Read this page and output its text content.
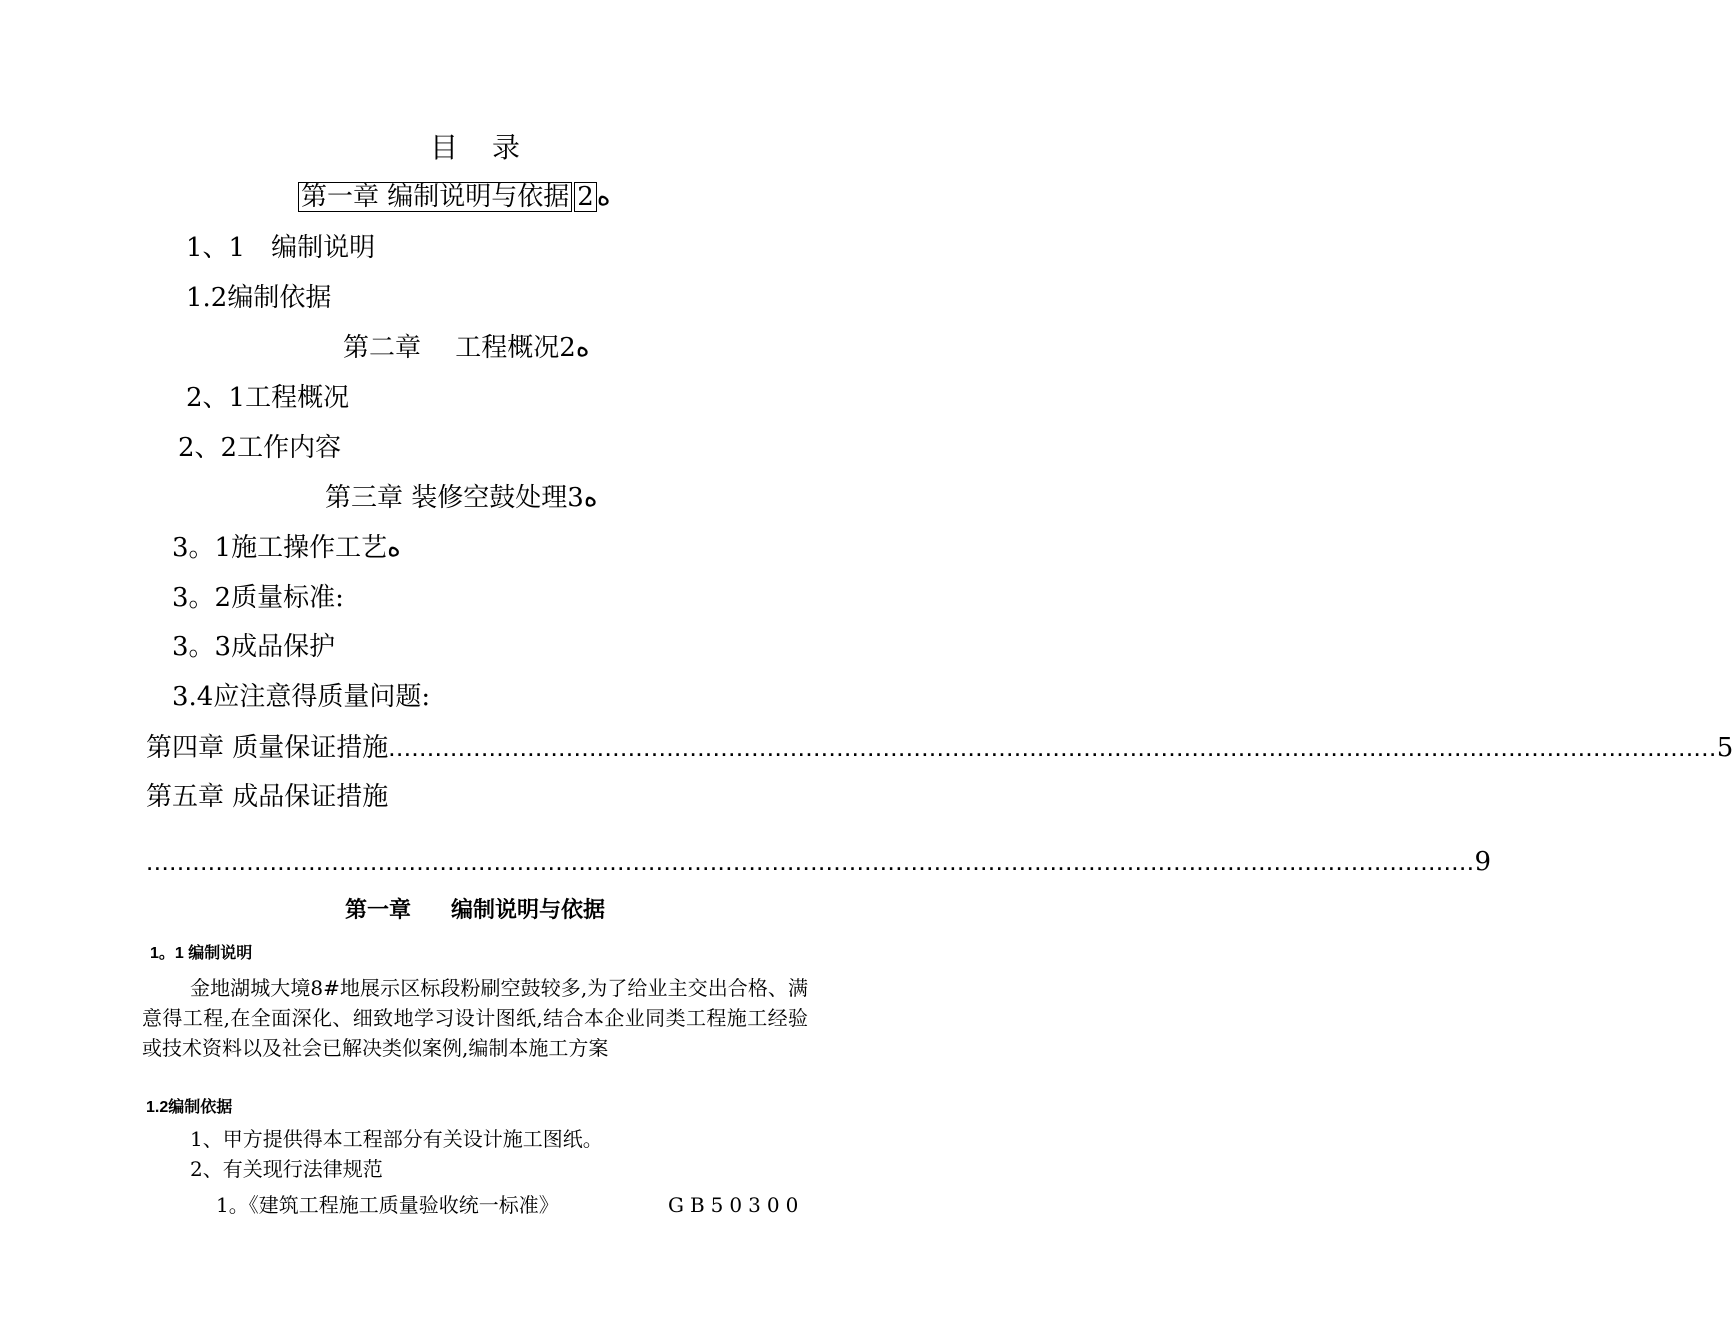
目录
第一章 编制说明与依据 2 ﻩ
1、1　编制说明
1.2编制依据
第二章　 工程概况2ﻩ
2、1工程概况
2、2工作内容
第三章 装修空鼓处理3ﻩ
3。1施工操作工艺ﻩ
3。2质量标准:
3。3成品保护
3.4应注意得质量问题:
第四章 质量保证措施 ............................................................................................................................................................................ 5
第五章 成品保证措施
............................................................................................................................................................................ 9
第一章 编制说明与依据
1。1 编制说明
金地湖城大境8#地展示区标段粉刷空鼓较多,为了给业主交出合格、满意得工程,在全面深化、细致地学习设计图纸,结合本企业同类工程施工经验或技术资料以及社会已解决类似案例,编制本施工方案
1.2编制依据
1、甲方提供得本工程部分有关设计施工图纸。
2、有关现行法律规范
1。《建筑工程施工质量验收统一标准》	GB50300
